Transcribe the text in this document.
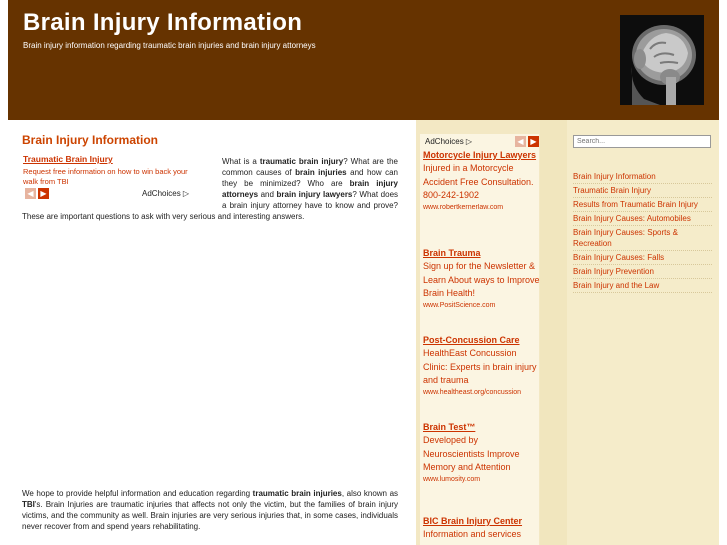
Brain Injury Information
Brain injury information regarding traumatic brain injuries and brain injury attorneys
Brain Injury Information
What is a traumatic brain injury? What are the common causes of brain injuries and how can they be minimized? Who are brain injury attorneys and brain injury lawyers? What does a brain injury attorney have to know and prove? These are important questions to ask with very serious and interesting answers.
Traumatic Brain Injury
Request free information on how to win back your walk from TBI
◀ ▶	AdChoices ▷
We hope to provide helpful information and education regarding traumatic brain injuries, also known as TBI's. Brain Injuries are traumatic injuries that affects not only the victim, but the families of brain injury victims, and the community as well. Brain injuries are very serious injuries that, in some cases, individuals never recover from and spend years rehabilitating.
AdChoices ▷	◀ ▶
Motorcycle Injury Lawyers
Injured in a Motorcycle Accident Free Consultation. 800-242-1902
www.robertkernerlaw.com
Brain Trauma
Sign up for the Newsletter & Learn About ways to Improve Brain Health!
www.PositScience.com
Post-Concussion Care
HealthEast Concussion Clinic: Experts in brain injury and trauma
www.healtheast.org/concussion
Brain Test™
Developed by Neuroscientists Improve Memory and Attention
www.lumosity.com
BIC Brain Injury Center
Information and services
Search...
Brain Injury Information
Traumatic Brain Injury
Results from Traumatic Brain Injury
Brain Injury Causes: Automobiles
Brain Injury Causes: Sports & Recreation
Brain Injury Causes: Falls
Brain Injury Prevention
Brain Injury and the Law
